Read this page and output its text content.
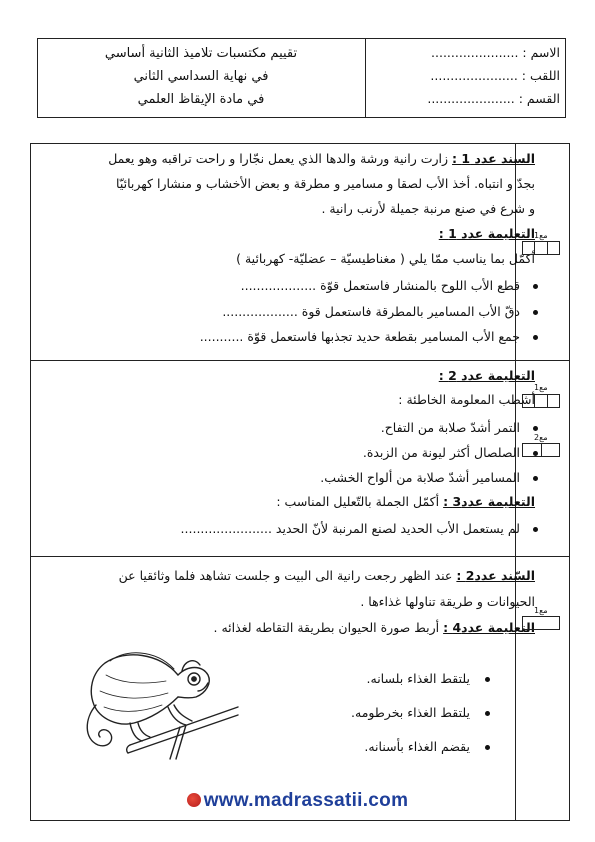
الاسم : ......................
اللقب : ......................
القسم : ......................
تقييم مكتسبات تلاميذ الثانية أساسي
في نهاية السداسي الثاني
في مادة الإيقاظ العلمي
السند عدد 1 : زارت رانية ورشة والدها الذي يعمل نجّارا و راحت تراقبه وهو يعمل
بجدّ و انتباه. أخذ الأب لصقا و مسامير و مطرقة و بعض الأخشاب و منشارا كهربائيّا
و شرع في صنع مرنبة جميلة لأرنب رانية .
التعليمة عدد 1 :
أكمّل بما يناسب ممّا يلي ( مغناطيسيّة – عضليّة- كهربائية )
قطع الأب اللوح بالمنشار فاستعمل قوّة ...................
دقّ الأب المسامير بالمطرقة فاستعمل قوة ...................
جمع الأب المسامير بقطعة حديد تجذبها فاستعمل قوّة ...........
مع1
التعليمة عدد 2 :
أشطب المعلومة الخاطئة :
التمر أشدّ صلابة من التفاح.
الصلصال أكثر ليونة من الزبدة.
المسامير أشدّ صلابة من ألواح الخشب.
التعليمة عدد3 : أكمّل الجملة بالتّعليل المناسب :
لم يستعمل الأب الحديد لصنع المرنبة لأنّ الحديد .......................
مع1
مع2
السّند عدد2 : عند الظهر رجعت رانية الى البيت و جلست تشاهد فلما وثائقيا عن
الحيوانات و طريقة تناولها غذاءها .
التعليمة عدد4 : أربط صورة الحيوان بطريقة التقاطه لغذائه .
يلتقط الغذاء بلسانه.
يلتقط الغذاء بخرطومه.
يقضم الغذاء بأسنانه.
مع1
www.madrassatii.com
